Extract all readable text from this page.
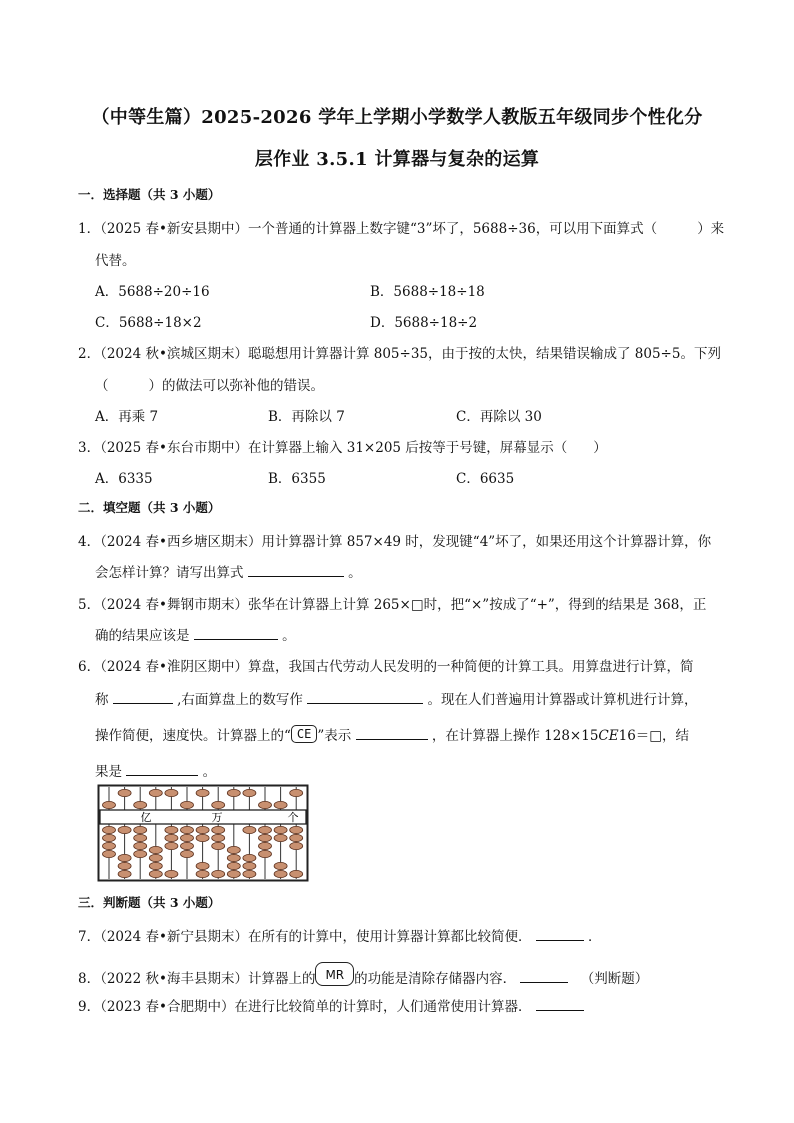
（中等生篇）2025-2026 学年上学期小学数学人教版五年级同步个性化分
层作业 3.5.1 计算器与复杂的运算
一．选择题（共 3 小题）
1．（2025 春•新安县期中）一个普通的计算器上数字键“3”坏了，5688÷36，可以用下面算式（	）来
代替。
A．5688÷20÷16	B．5688÷18÷18
C．5688÷18×2	D．5688÷18÷2
2．（2024 秋•滨城区期末）聪聪想用计算器计算 805÷35，由于按的太快，结果错误输成了 805÷5。下列
（	）的做法可以弥补他的错误。
A．再乘 7	B．再除以 7	C．再除以 30
3．（2025 春•东台市期中）在计算器上输入 31×205 后按等于号键，屏幕显示（ ）
A．6335	B．6355	C．6635
二．填空题（共 3 小题）
4．（2024 春•西乡塘区期末）用计算器计算 857×49 时，发现键“4”坏了，如果还用这个计算器计算，你
会怎样计算？请写出算式	。
5．（2024 春•舞钢市期末）张华在计算器上计算 265×□时，把“×”按成了“+”，得到的结果是 368，正
确的结果应该是	。
6．（2024 春•淮阴区期中）算盘，我国古代劳动人民发明的一种简便的计算工具。用算盘进行计算，简
称	,右面算盘上的数写作	。现在人们普遍用计算器或计算机进行计算，
操作简便，速度快。计算器上的“ CE ”表示	，在计算器上操作 128×15CE16＝□，结
果是	。
亿	万	个
三．判断题（共 3 小题）
7．（2024 春•新宁县期末）在所有的计算中，使用计算器计算都比较简便．	．
8．（2022 秋•海丰县期末）计算器上的 MR 的功能是清除存储器内容．	（判断题）
9．（2023 春•合肥期中）在进行比较简单的计算时，人们通常使用计算器．
